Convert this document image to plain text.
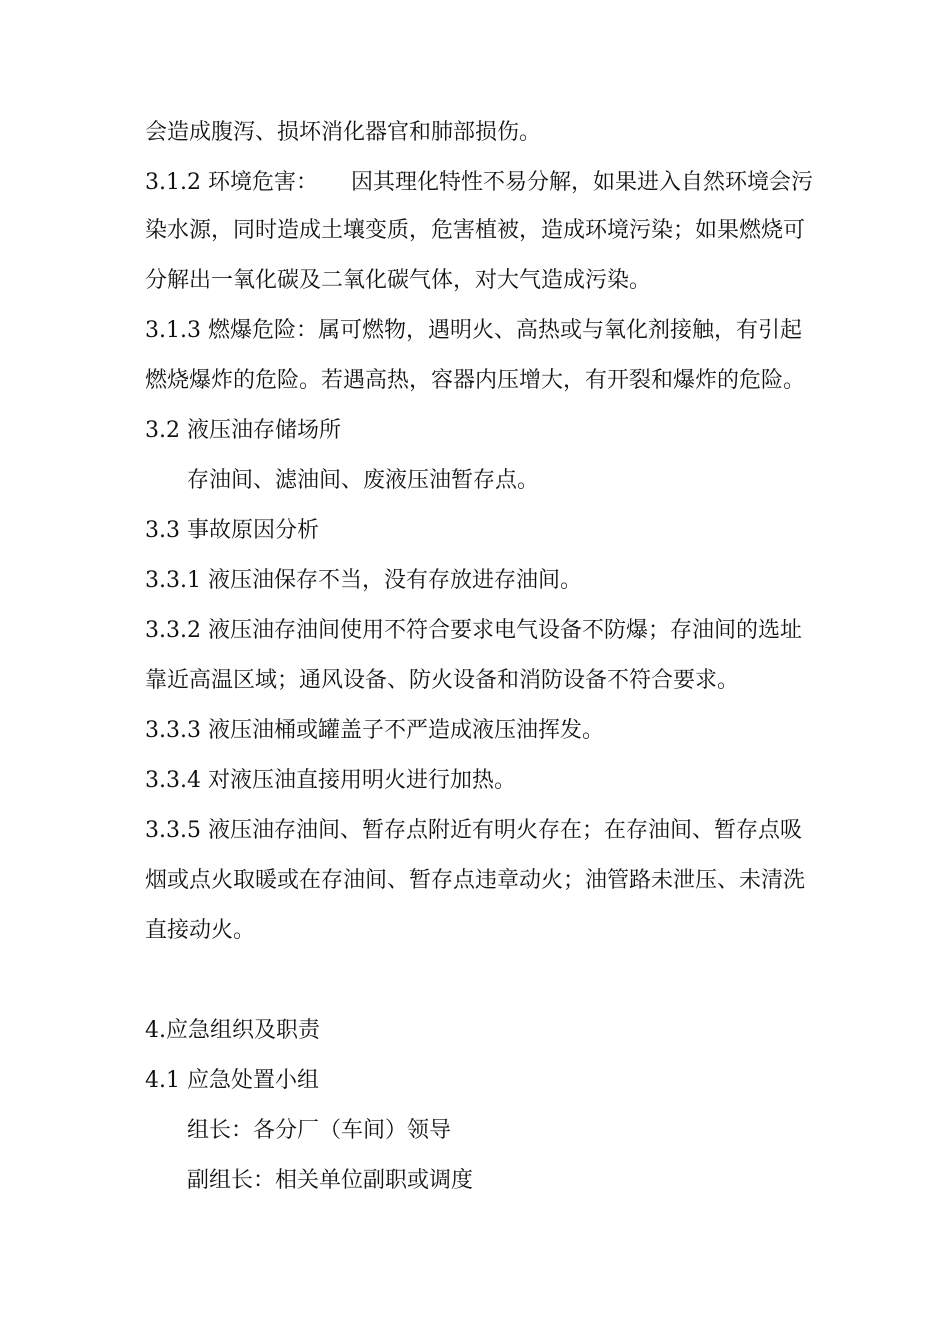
会造成腹泻、损坏消化器官和肺部损伤。

3.1.2 环境危害：　　因其理化特性不易分解，如果进入自然环境会污

染水源，同时造成土壤变质，危害植被，造成环境污染；如果燃烧可

分解出一氧化碳及二氧化碳气体，对大气造成污染。

3.1.3 燃爆危险：属可燃物，遇明火、高热或与氧化剂接触，有引起

燃烧爆炸的危险。若遇高热，容器内压增大，有开裂和爆炸的危险。

3.2 液压油存储场所

存油间、滤油间、废液压油暂存点。

3.3 事故原因分析

3.3.1 液压油保存不当，没有存放进存油间。

3.3.2 液压油存油间使用不符合要求电气设备不防爆；存油间的选址

靠近高温区域；通风设备、防火设备和消防设备不符合要求。

3.3.3 液压油桶或罐盖子不严造成液压油挥发。

3.3.4 对液压油直接用明火进行加热。

3.3.5 液压油存油间、暂存点附近有明火存在；在存油间、暂存点吸

烟或点火取暖或在存油间、暂存点违章动火；油管路未泄压、未清洗

直接动火。

4.应急组织及职责

4.1 应急处置小组

组长：各分厂（车间）领导

副组长：相关单位副职或调度
